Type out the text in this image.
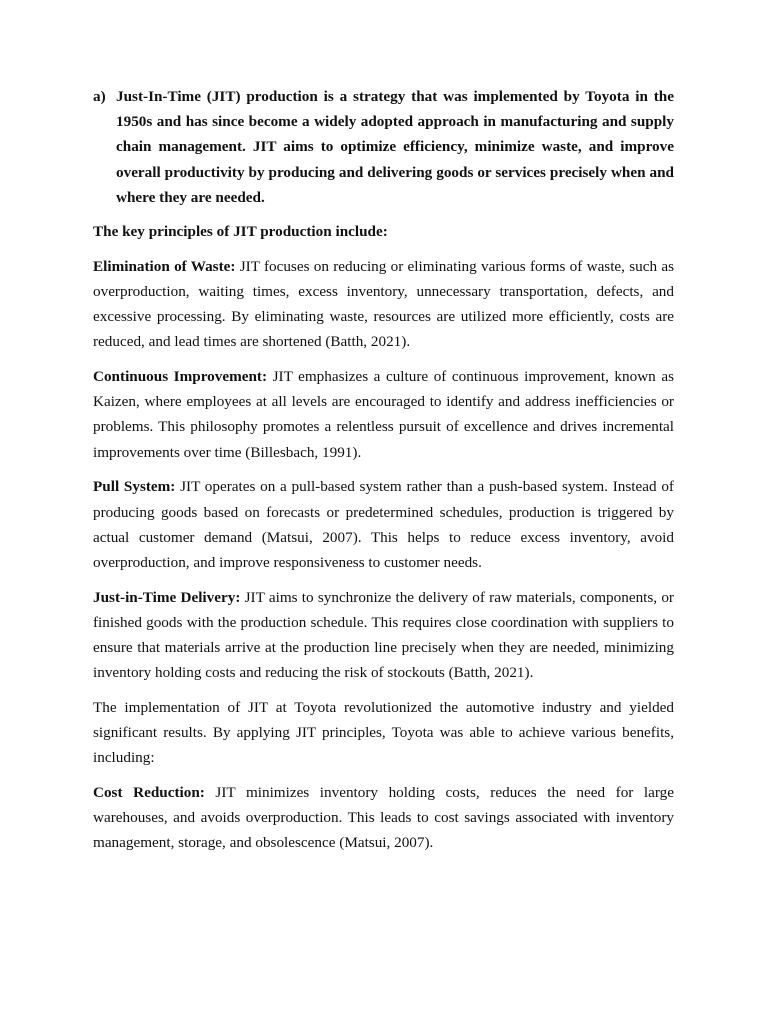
a) Just-In-Time (JIT) production is a strategy that was implemented by Toyota in the 1950s and has since become a widely adopted approach in manufacturing and supply chain management. JIT aims to optimize efficiency, minimize waste, and improve overall productivity by producing and delivering goods or services precisely when and where they are needed.

The key principles of JIT production include:

Elimination of Waste: JIT focuses on reducing or eliminating various forms of waste, such as overproduction, waiting times, excess inventory, unnecessary transportation, defects, and excessive processing. By eliminating waste, resources are utilized more efficiently, costs are reduced, and lead times are shortened (Batth, 2021).

Continuous Improvement: JIT emphasizes a culture of continuous improvement, known as Kaizen, where employees at all levels are encouraged to identify and address inefficiencies or problems. This philosophy promotes a relentless pursuit of excellence and drives incremental improvements over time (Billesbach, 1991).

Pull System: JIT operates on a pull-based system rather than a push-based system. Instead of producing goods based on forecasts or predetermined schedules, production is triggered by actual customer demand (Matsui, 2007). This helps to reduce excess inventory, avoid overproduction, and improve responsiveness to customer needs.

Just-in-Time Delivery: JIT aims to synchronize the delivery of raw materials, components, or finished goods with the production schedule. This requires close coordination with suppliers to ensure that materials arrive at the production line precisely when they are needed, minimizing inventory holding costs and reducing the risk of stockouts (Batth, 2021).

The implementation of JIT at Toyota revolutionized the automotive industry and yielded significant results. By applying JIT principles, Toyota was able to achieve various benefits, including:

Cost Reduction: JIT minimizes inventory holding costs, reduces the need for large warehouses, and avoids overproduction. This leads to cost savings associated with inventory management, storage, and obsolescence (Matsui, 2007).
